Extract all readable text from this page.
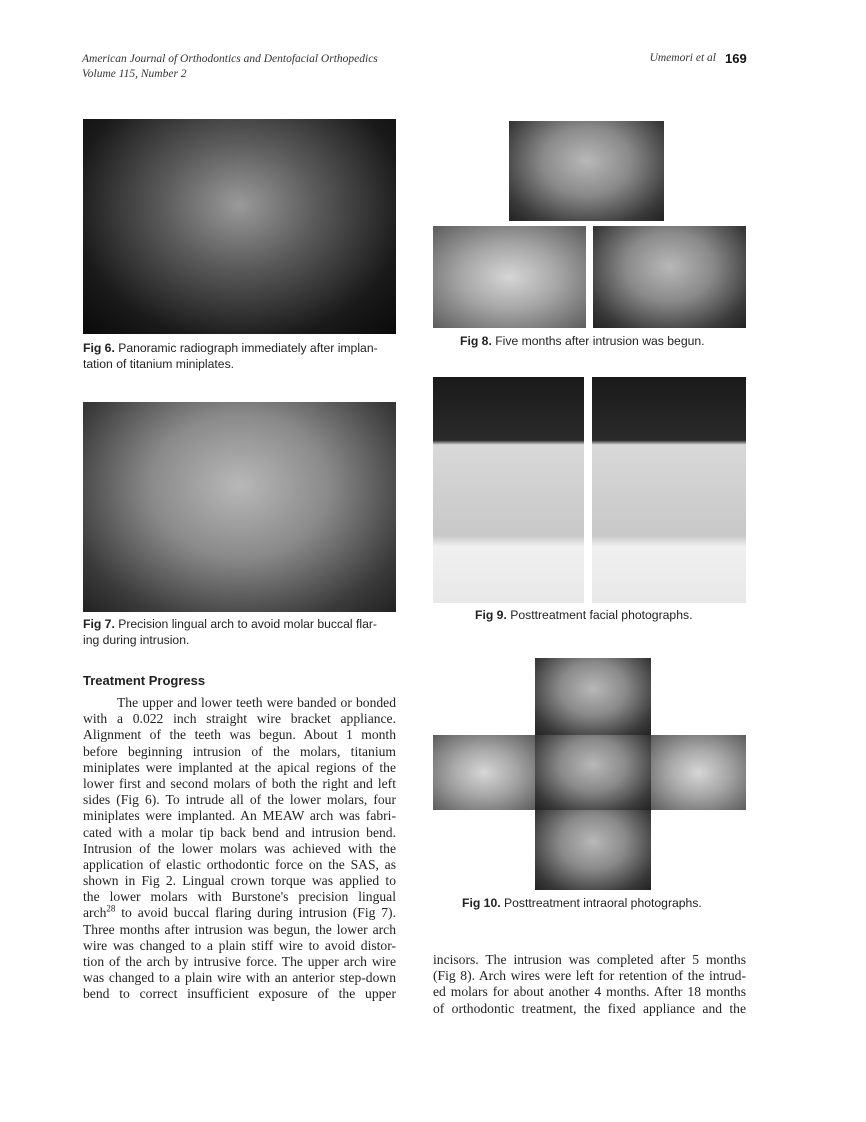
American Journal of Orthodontics and Dentofacial Orthopedics
Volume 115, Number 2
Umemori et al 169
Fig 6. Panoramic radiograph immediately after implan-
tation of titanium miniplates.
Fig 7. Precision lingual arch to avoid molar buccal flar-
ing during intrusion.
Fig 8. Five months after intrusion was begun.
Fig 9. Posttreatment facial photographs.
Fig 10. Posttreatment intraoral photographs.
Treatment Progress
The upper and lower teeth were banded or bonded
with a 0.022 inch straight wire bracket appliance.
Alignment of the teeth was begun. About 1 month
before beginning intrusion of the molars, titanium
miniplates were implanted at the apical regions of the
lower first and second molars of both the right and left
sides (Fig 6). To intrude all of the lower molars, four
miniplates were implanted. An MEAW arch was fabri-
cated with a molar tip back bend and intrusion bend.
Intrusion of the lower molars was achieved with the
application of elastic orthodontic force on the SAS, as
shown in Fig 2. Lingual crown torque was applied to
the lower molars with Burstone's precision lingual
arch$^{28}$ to avoid buccal flaring during intrusion (Fig 7).
Three months after intrusion was begun, the lower arch
wire was changed to a plain stiff wire to avoid distor-
tion of the arch by intrusive force. The upper arch wire
was changed to a plain wire with an anterior step-down
bend to correct insufficient exposure of the upper
incisors. The intrusion was completed after 5 months
(Fig 8). Arch wires were left for retention of the intrud-
ed molars for about another 4 months. After 18 months
of orthodontic treatment, the fixed appliance and the
